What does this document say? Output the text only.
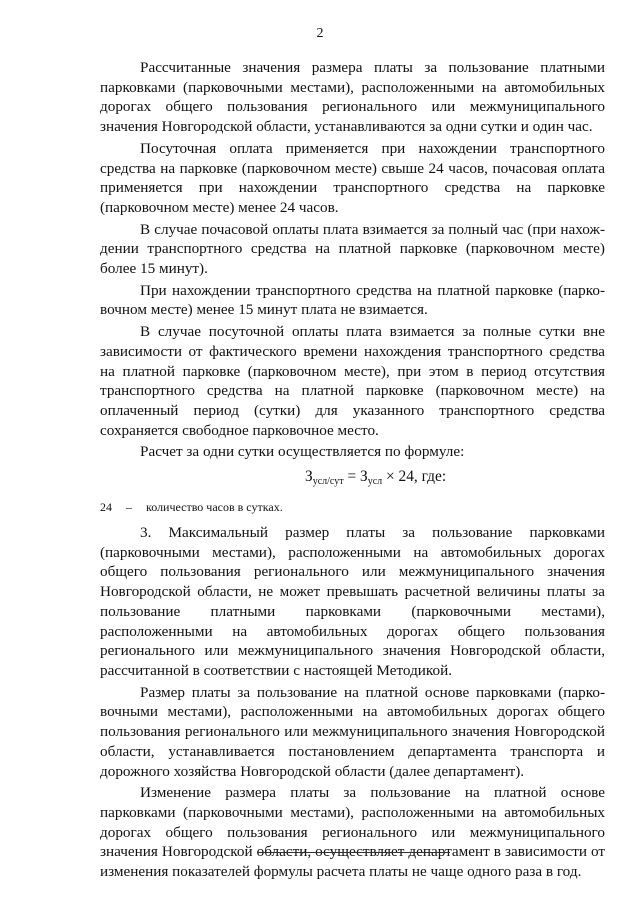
2

Рассчитанные значения размера платы за пользование платными парковками (парковочными местами), расположенными на автомобильных дорогах общего пользования регионального или межмуниципального значения Новгородской области, устанавливаются за одни сутки и один час.

Посуточная оплата применяется при нахождении транспортного средства на парковке (парковочном месте) свыше 24 часов, почасовая оплата применяется при нахождении транспортного средства на парковке (парковочном месте) менее 24 часов.

В случае почасовой оплаты плата взимается за полный час (при нахождении транспортного средства на платной парковке (парковочном месте) более 15 минут).

При нахождении транспортного средства на платной парковке (парковочном месте) менее 15 минут плата не взимается.

В случае посуточной оплаты плата взимается за полные сутки вне зависимости от фактического времени нахождения транспортного средства на платной парковке (парковочном месте), при этом в период отсутствия транспортного средства на платной парковке (парковочном месте) на оплаченный период (сутки) для указанного транспортного средства сохраняется свободное парковочное место.

Расчет за одни сутки осуществляется по формуле:

$З_{усл/сут} = З_{усл} \times 24$, где:
24 – количество часов в сутках.

3. Максимальный размер платы за пользование парковками (парковочными местами), расположенными на автомобильных дорогах общего пользования регионального или межмуниципального значения Новгородской области, не может превышать расчетной величины платы за пользование платными парковками (парковочными местами), расположенными на автомобильных дорогах общего пользования регионального или межмуниципального значения Новгородской области, рассчитанной в соответствии с настоящей Методикой.

Размер платы за пользование на платной основе парковками (парковочными местами), расположенными на автомобильных дорогах общего пользования регионального или межмуниципального значения Новгородской области, устанавливается постановлением департамента транспорта и дорожного хозяйства Новгородской области (далее департамент).

Изменение размера платы за пользование на платной основе парковками (парковочными местами), расположенными на автомобильных дорогах общего пользования регионального или межмуниципального значения Новгородской области, осуществляет департамент в зависимости от изменения показателей формулы расчета платы не чаще одного раза в год.
